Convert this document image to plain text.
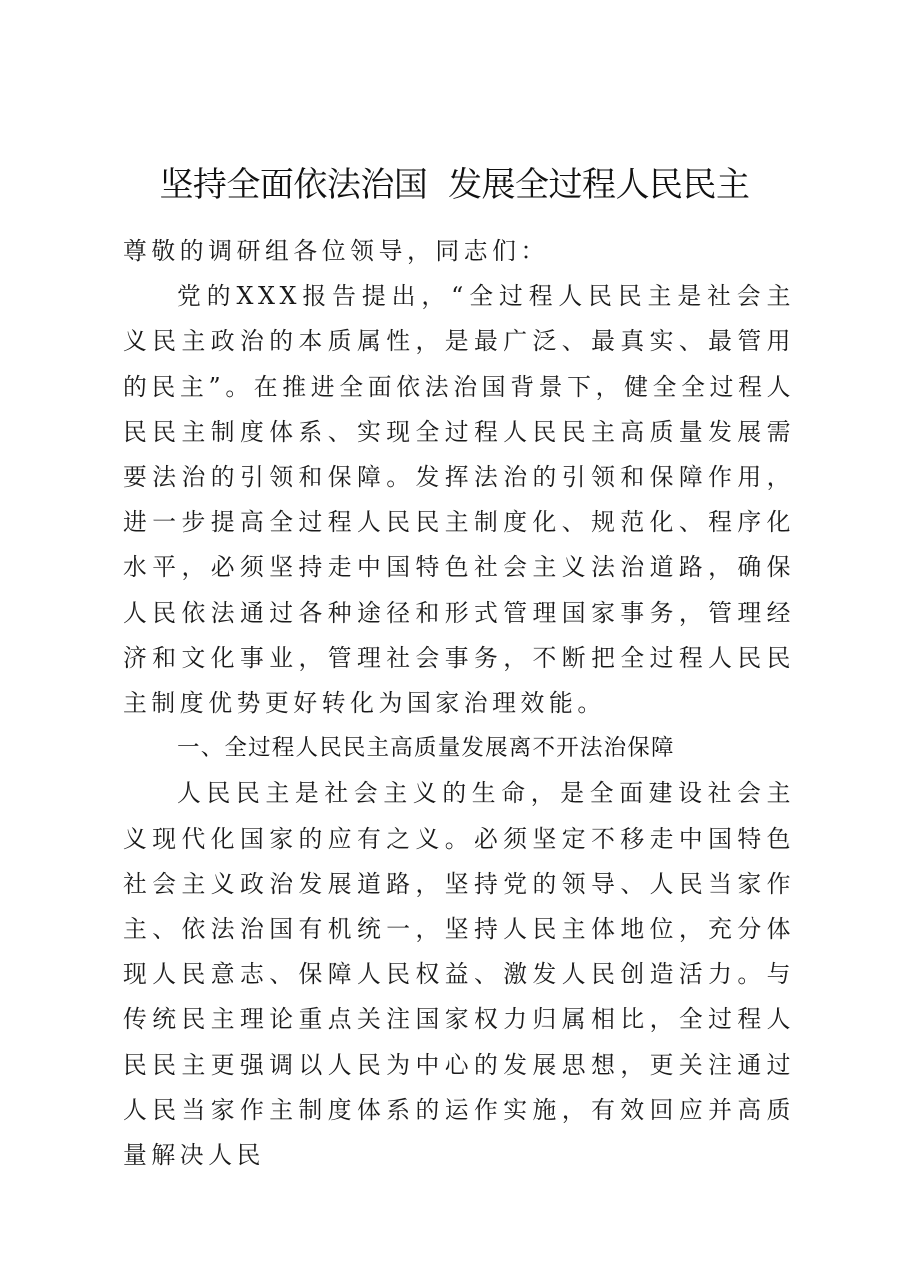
坚持全面依法治国  发展全过程人民民主

尊敬的调研组各位领导，同志们：

党的XXX报告提出，“全过程人民民主是社会主义民主政治的本质属性，是最广泛、最真实、最管用的民主”。在推进全面依法治国背景下，健全全过程人民民主制度体系、实现全过程人民民主高质量发展需要法治的引领和保障。发挥法治的引领和保障作用，进一步提高全过程人民民主制度化、规范化、程序化水平，必须坚持走中国特色社会主义法治道路，确保人民依法通过各种途径和形式管理国家事务，管理经济和文化事业，管理社会事务，不断把全过程人民民主制度优势更好转化为国家治理效能。

一、全过程人民民主高质量发展离不开法治保障

人民民主是社会主义的生命，是全面建设社会主义现代化国家的应有之义。必须坚定不移走中国特色社会主义政治发展道路，坚持党的领导、人民当家作主、依法治国有机统一，坚持人民主体地位，充分体现人民意志、保障人民权益、激发人民创造活力。与传统民主理论重点关注国家权力归属相比，全过程人民民主更强调以人民为中心的发展思想，更关注通过人民当家作主制度体系的运作实施，有效回应并高质量解决人民
